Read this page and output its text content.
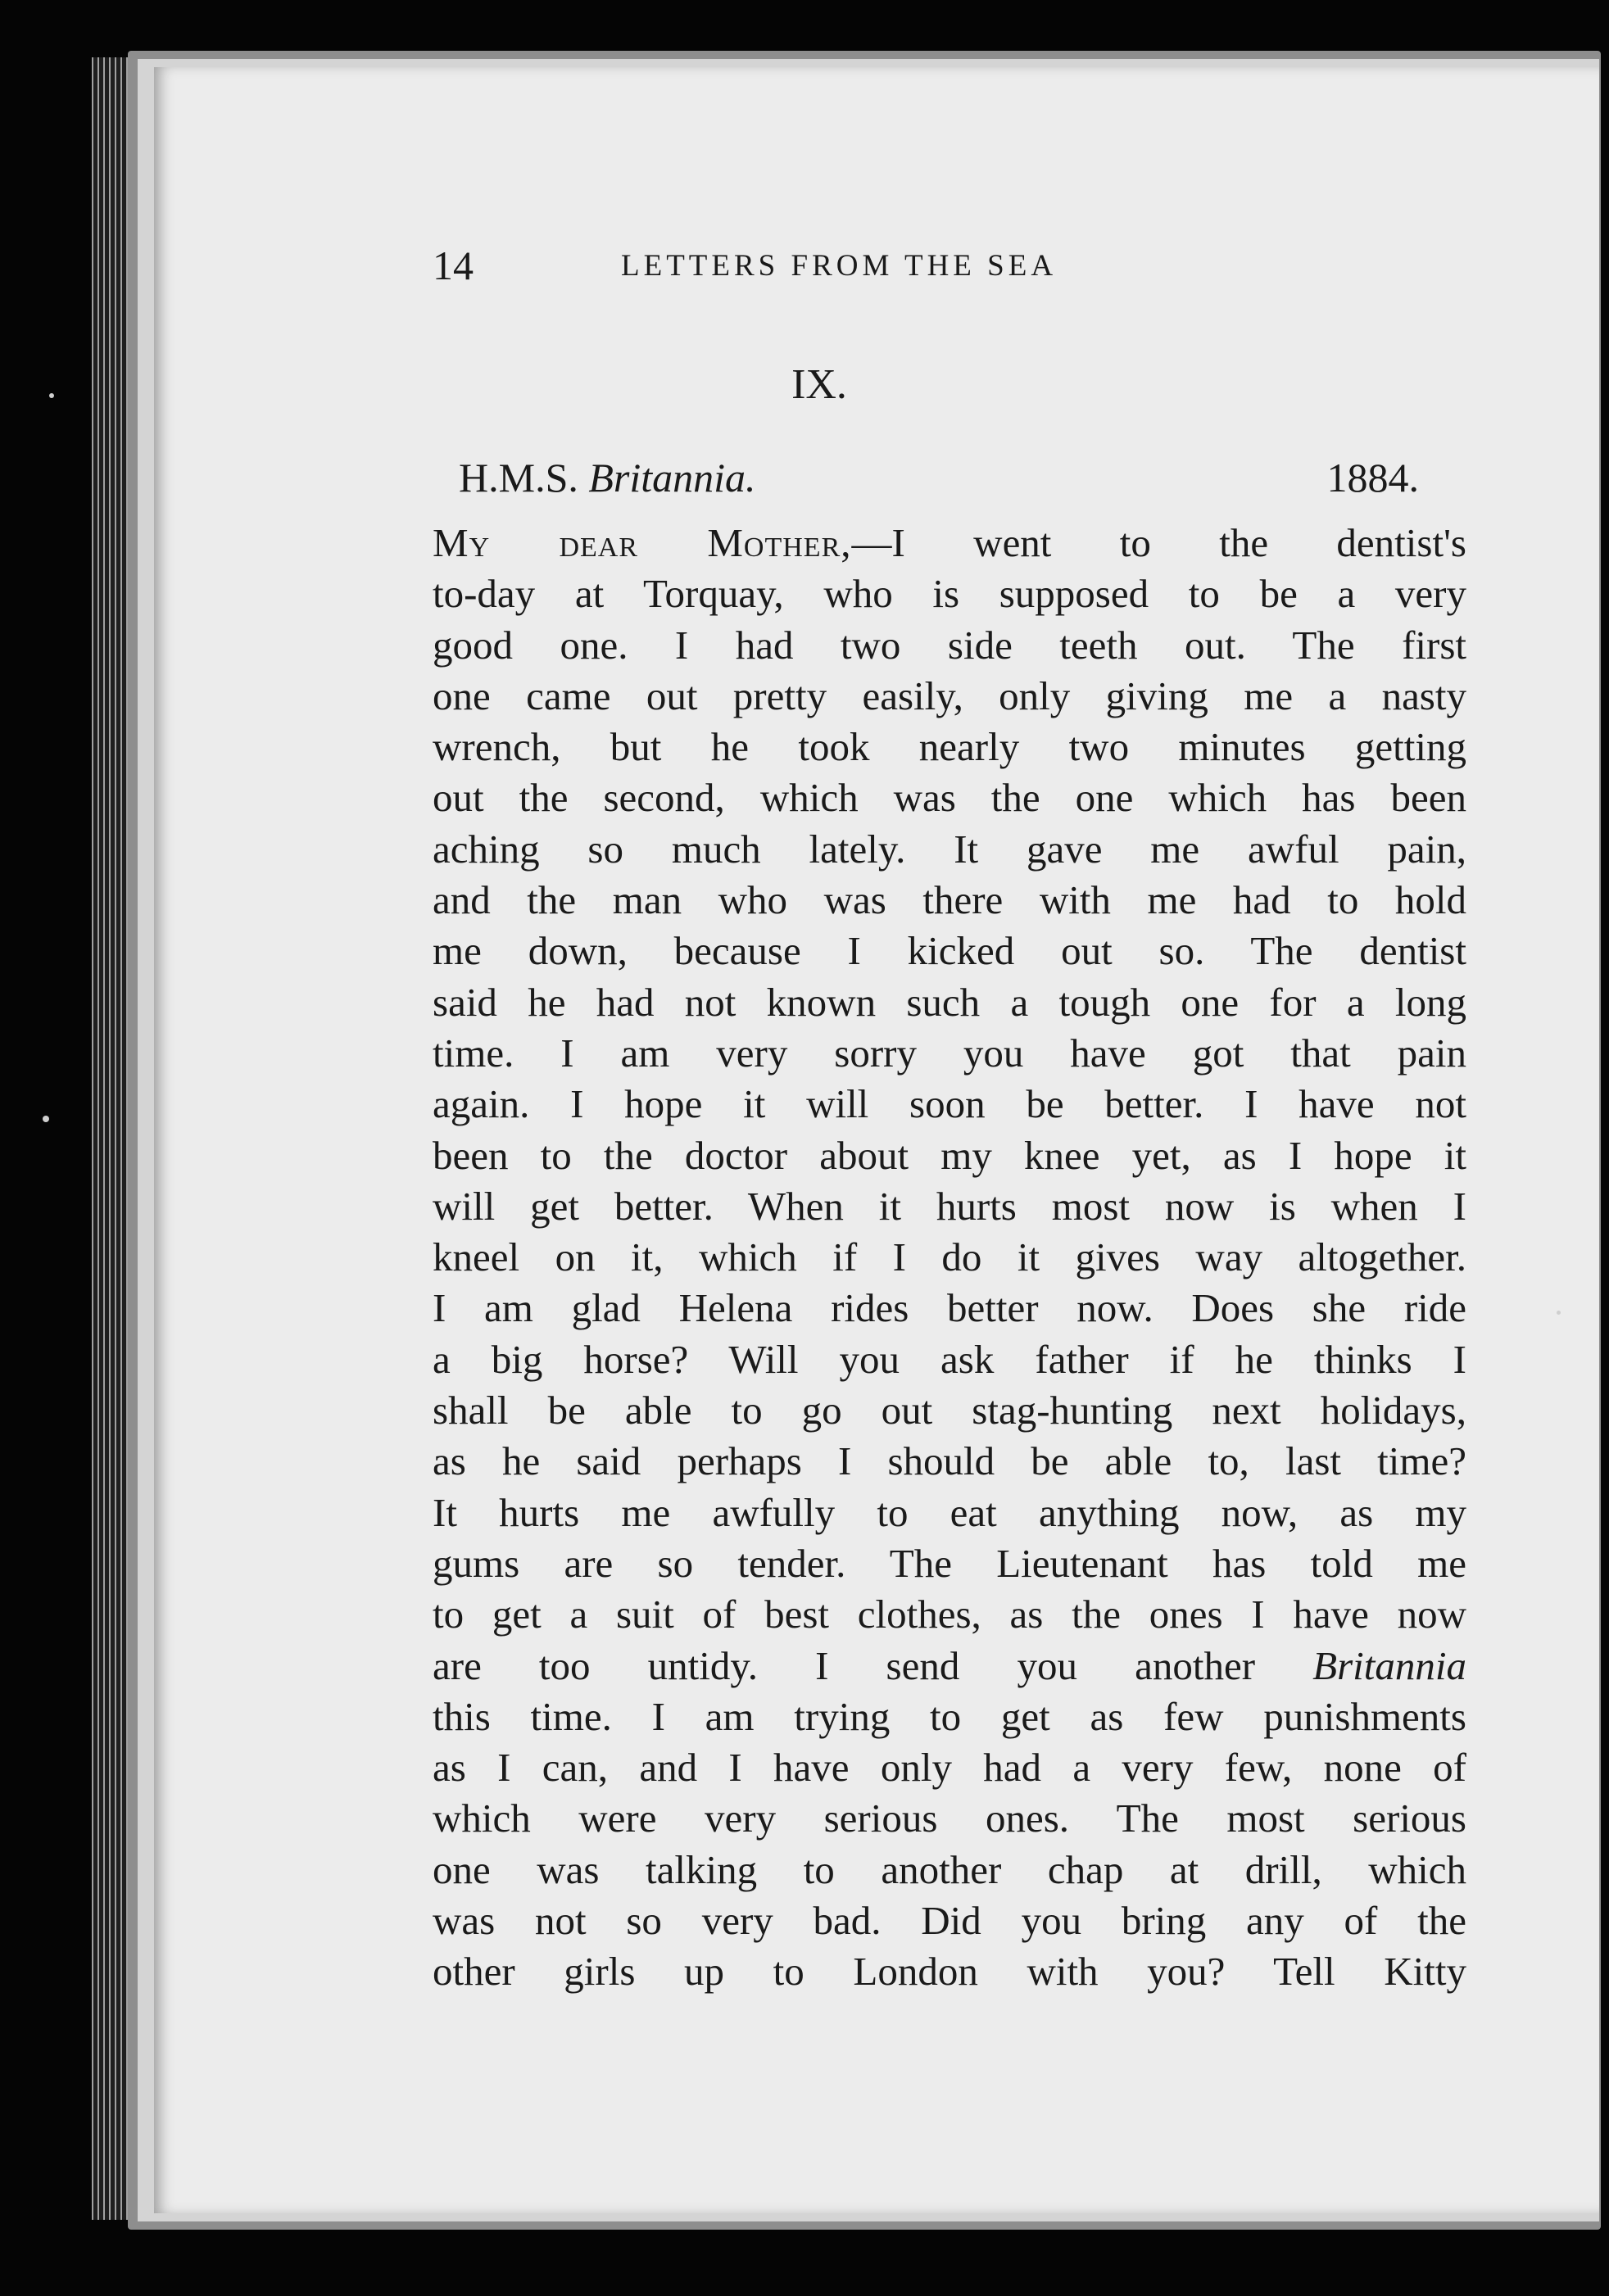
14	LETTERS FROM THE SEA
IX.
H.M.S. Britannia.	1884.
My dear Mother,—I went to the dentist's
to-day at Torquay, who is supposed to be a very
good one. I had two side teeth out. The first
one came out pretty easily, only giving me a nasty
wrench, but he took nearly two minutes getting
out the second, which was the one which has been
aching so much lately. It gave me awful pain,
and the man who was there with me had to hold
me down, because I kicked out so. The dentist
said he had not known such a tough one for a long
time. I am very sorry you have got that pain
again. I hope it will soon be better. I have not
been to the doctor about my knee yet, as I hope it
will get better. When it hurts most now is when I
kneel on it, which if I do it gives way altogether.
I am glad Helena rides better now. Does she ride
a big horse? Will you ask father if he thinks I
shall be able to go out stag-hunting next holidays,
as he said perhaps I should be able to, last time?
It hurts me awfully to eat anything now, as my
gums are so tender. The Lieutenant has told me
to get a suit of best clothes, as the ones I have now
are too untidy. I send you another Britannia
this time. I am trying to get as few punishments
as I can, and I have only had a very few, none of
which were very serious ones. The most serious
one was talking to another chap at drill, which
was not so very bad. Did you bring any of the
other girls up to London with you? Tell Kitty
